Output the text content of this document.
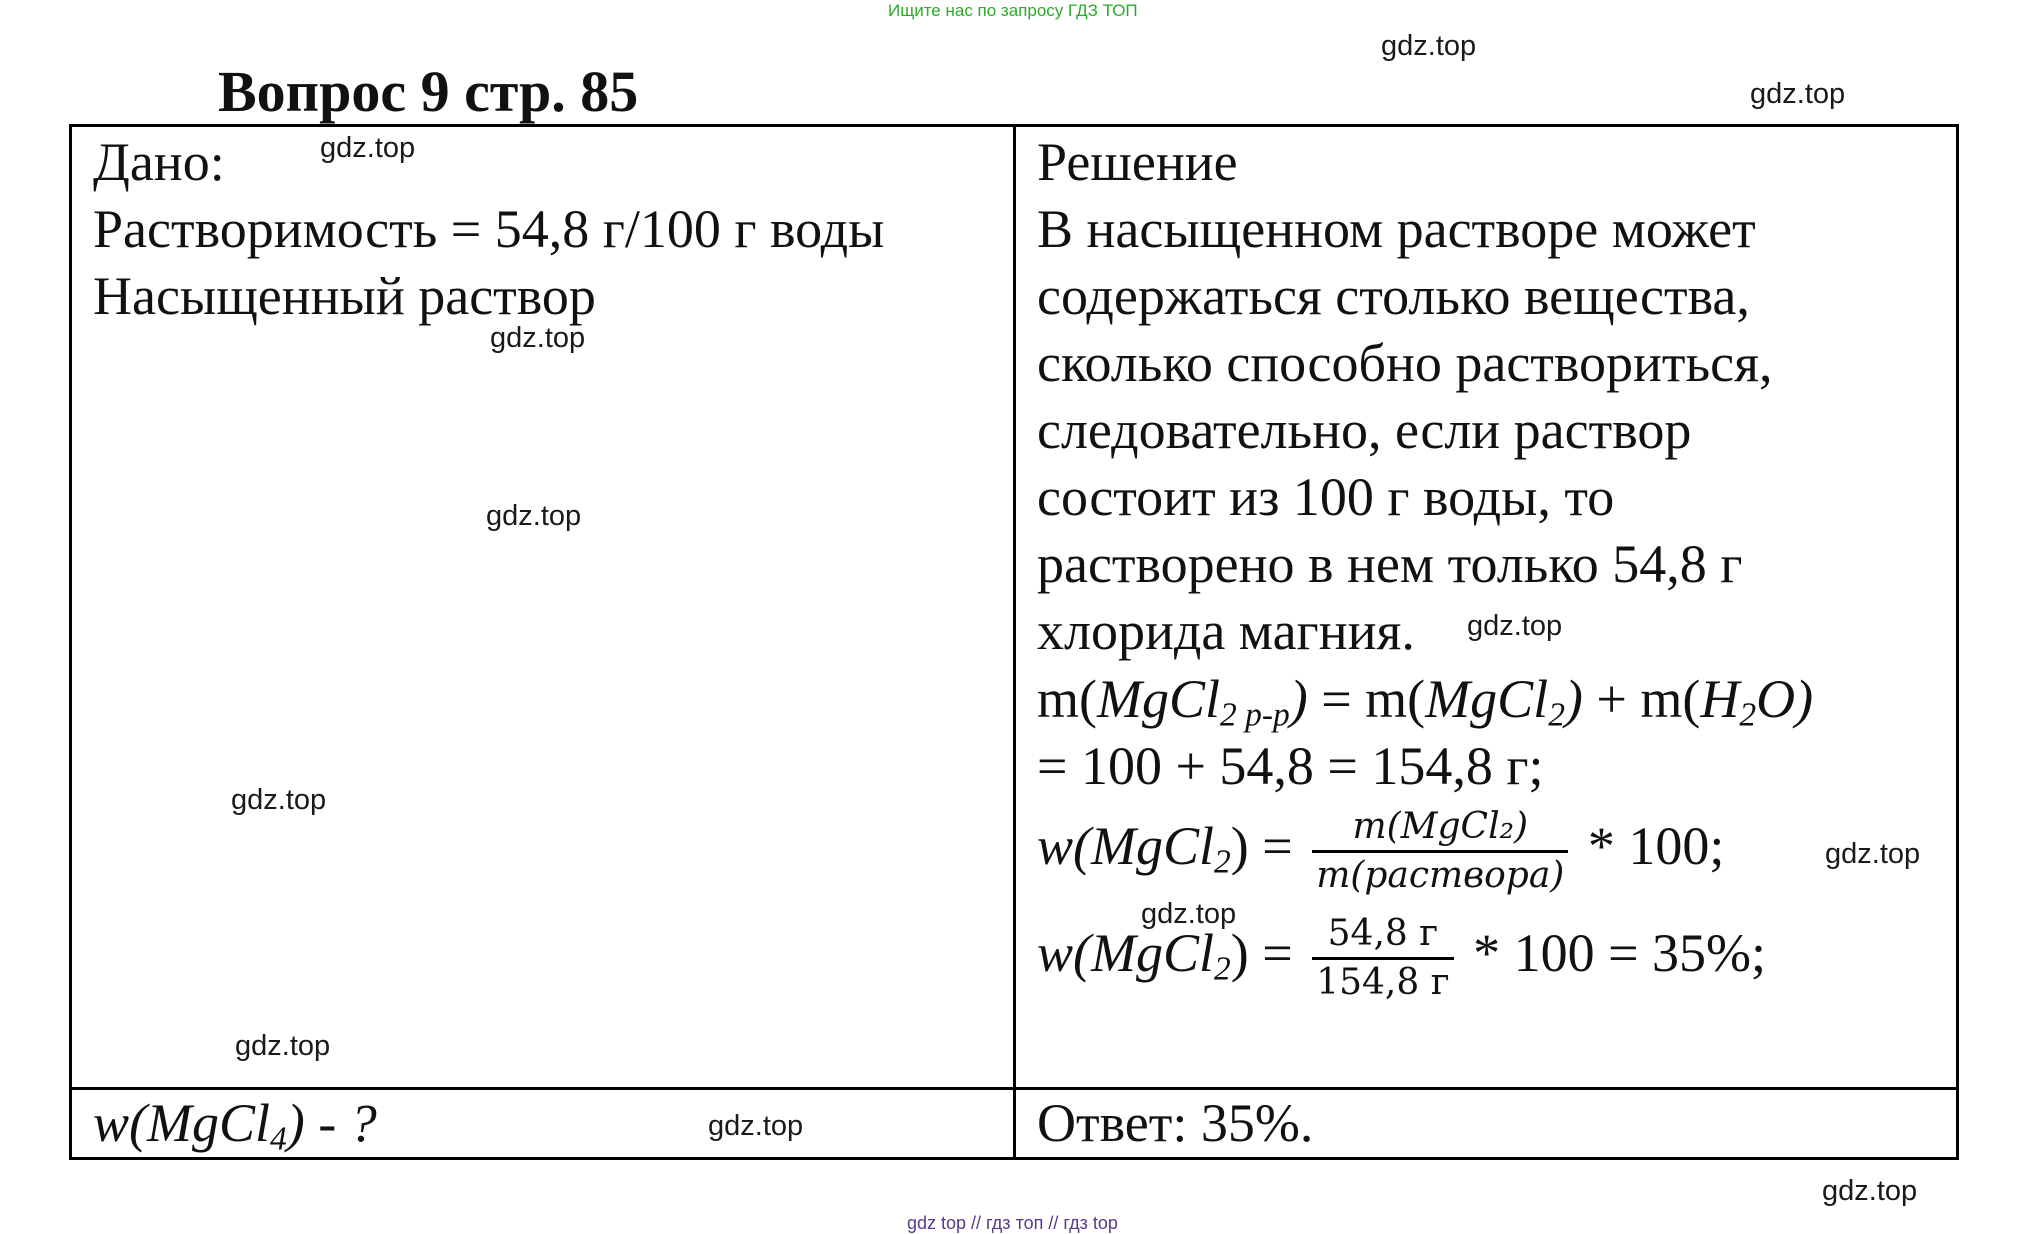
Ищите нас по запросу ГДЗ ТОП
gdz.top
gdz.top
Вопрос 9 стр. 85
Дано:
Растворимость = 54,8 г/100 г воды
Насыщенный раствор
w(MgCl$_4$) - ?
Решение
В насыщенном растворе может
содержаться столько вещества,
сколько способно раствориться,
следовательно, если раствор
состоит из 100 г воды, то
растворено в нем только 54,8 г
хлорида магния.
m(MgCl$_{2 р-р}$) = m(MgCl$_2$) + $m(H_2O)$
= 100 + 54,8 = 154,8 г;
w(MgCl$_2$) = $\frac{\text{m(MgCl₂)}}{\text{m(раствора)}} * 100$;
w(MgCl$_2$) = $\frac{54,8 г}{154,8 г} * 100 = 35\%$;
Ответ: 35%.
gdz.top
gdz.top
gdz.top
gdz.top
gdz.top
gdz.top
gdz.top
gdz.top
gdz.top
gdz.top
gdz top // гдз топ // гдз top
